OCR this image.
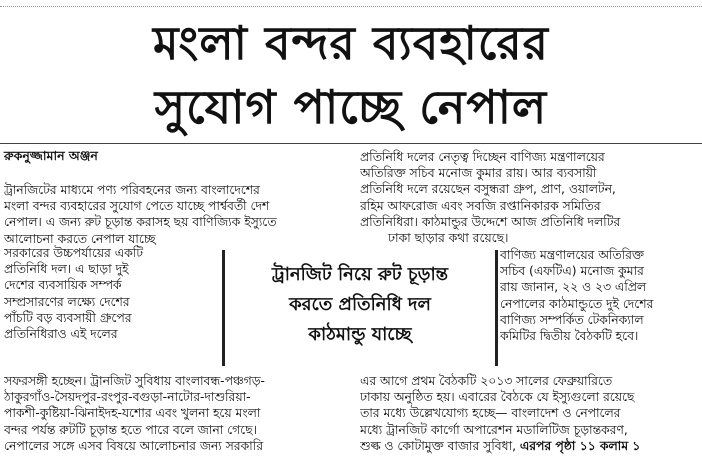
মংলা বন্দর ব্যবহারের
সুযোগ পাচ্ছে নেপাল
রুকনুজ্জামান অঞ্জন

ট্রানজিটের মাধ্যমে পণ্য পরিবহনের জন্য বাংলাদেশের

মংলা বন্দর ব্যবহারের সুযোগ পেতে যাচ্ছে পার্শ্ববর্তী দেশ

নেপাল। এ জন্য রুট চূড়ান্ত করাসহ ছয় বাণিজ্যিক ইস্যুতে

আলোচনা করতে নেপাল যাচ্ছে

সরকারের উচ্চপর্যায়ের একটি

প্রতিনিধি দল। এ ছাড়া দুই

দেশের ব্যবসায়িক সম্পর্ক

সম্প্রসারণের লক্ষ্যে দেশের

পাঁচটি বড় ব্যবসায়ী গ্রুপের

প্রতিনিধিরাও এই দলের

ট্রানজিট নিয়ে রুট চূড়ান্ত

করতে প্রতিনিধি দল

কাঠমান্ডু যাচ্ছে

সফরসঙ্গী হচ্ছেন। ট্রানজিট সুবিধায় বাংলাবন্ধ-পঞ্চগড়-

ঠাকুরগাঁও-সৈয়দপুর-রংপুর-বগুড়া-নাটোর-দাশুরিয়া-

পাকশী-কুষ্টিয়া-ঝিনাইদহ-যশোর এবং খুলনা হয়ে মংলা

বন্দর পর্যন্ত রুটটি চূড়ান্ত হতে পারে বলে জানা গেছে।

নেপালের সঙ্গে এসব বিষয়ে আলোচনার জন্য সরকারি

প্রতিনিধি দলের নেতৃত্ব দিচ্ছেন বাণিজ্য মন্ত্রণালয়ের

অতিরিক্ত সচিব মনোজ কুমার রায়। আর ব্যবসায়ী

প্রতিনিধি দলে রয়েছেন বসুন্ধরা গ্রুপ, প্রাণ, ওয়ালটন,

রহিম আফরোজ এবং সবজি রপ্তানিকারক সমিতির

প্রতিনিধিরা। কাঠমান্ডুর উদ্দেশে আজ প্রতিনিধি দলটির

ঢাকা ছাড়ার কথা রয়েছে।

বাণিজ্য মন্ত্রণালয়ের অতিরিক্ত

সচিব (এফটিএ) মনোজ কুমার

রায় জানান, ২২ ও ২৩ এপ্রিল

নেপালের কাঠমান্ডুতে দুই দেশের

বাণিজ্য সম্পর্কিত টেকনিক্যাল

কমিটির দ্বিতীয় বৈঠকটি হবে।

এর আগে প্রথম বৈঠকটি ২০১৩ সালের ফেব্রুয়ারিতে

ঢাকায় অনুষ্ঠিত হয়। এবারের বৈঠকে যে ইস্যুগুলো রয়েছে

তার মধ্যে উল্লেখযোগ্য হচ্ছে— বাংলাদেশ ও নেপালের

মধ্যে ট্রানজিট কার্গো অপারেশন মডালিটিজ চূড়ান্তকরণ,

শুল্ক ও কোটামুক্ত বাজার সুবিধা, এরপর পৃষ্ঠা ১১ কলাম ১
